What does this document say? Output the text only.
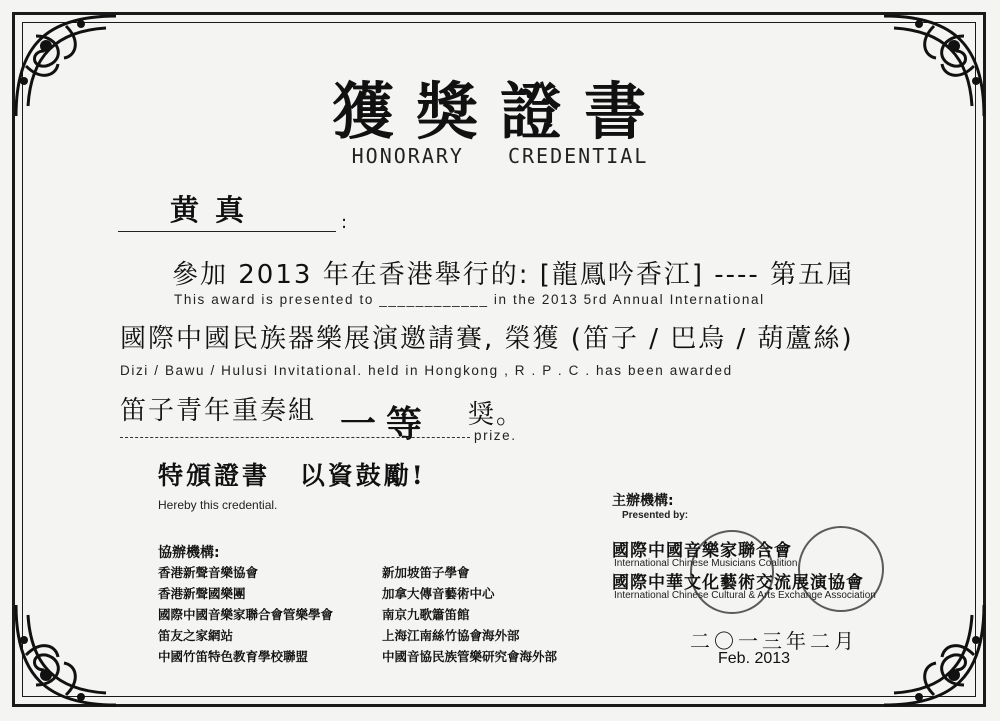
獲獎證書
HONORARY CREDENTIAL
黄真	:
參加 2013 年在香港舉行的: [龍鳳吟香江] ---- 第五屆
This award is presented to ____________ in the 2013 5rd Annual International
國際中國民族器樂展演邀請賽, 榮獲 (笛子 / 巴烏 / 葫蘆絲)
Dizi / Bawu / Hulusi Invitational. held in Hongkong , R . P . C . has been awarded
笛子青年重奏組 一等 奨。
prize.
特頒證書 以資鼓勵!
Hereby this credential.
協辦機構:
香港新聲音樂協會
香港新聲國樂團
國際中國音樂家聯合會管樂學會
笛友之家網站
中國竹笛特色教育學校聯盟
新加坡笛子學會
加拿大傳音藝術中心
南京九歌簫笛館
上海江南絲竹協會海外部
中國音協民族管樂研究會海外部
主辦機構:
Presented by:
國際中國音樂家聯合會
International Chinese Musicians Coalition
國際中華文化藝術交流展演協會
International Chinese Cultural & Arts Exchange Association
二〇一三年二月
Feb. 2013
